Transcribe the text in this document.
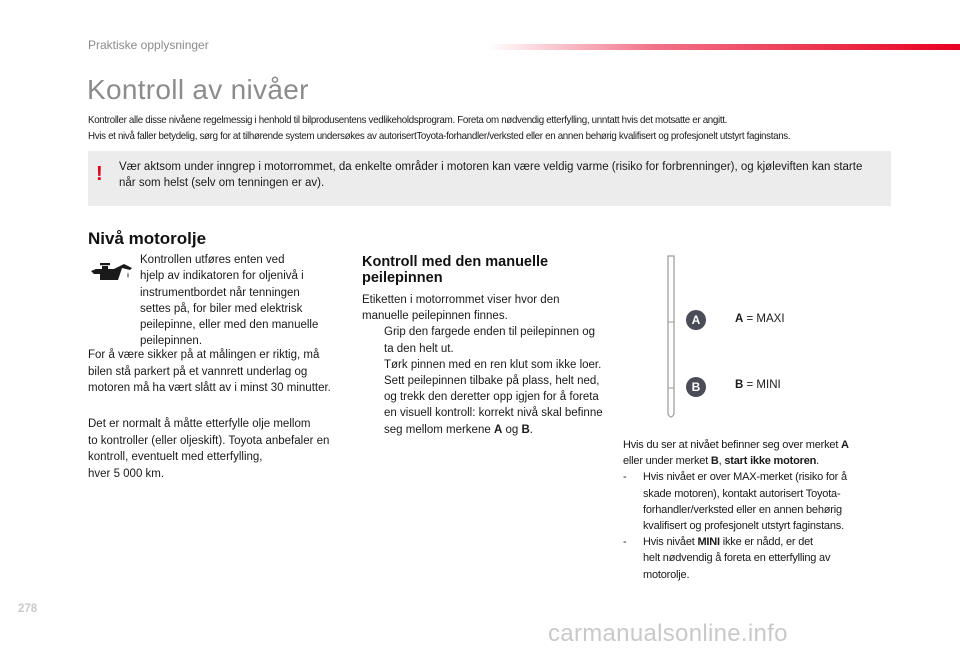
Praktiske opplysninger
Kontroll av nivåer

Kontroller alle disse nivåene regelmessig i henhold til bilprodusentens vedlikeholdsprogram. Foreta om nødvendig etterfylling, unntatt hvis det motsatte er angitt.

Hvis et nivå faller betydelig, sørg for at tilhørende system undersøkes av autorisertToyota-forhandler/verksted eller en annen behørig kvalifisert og profesjonelt utstyrt faginstans.

! Vær aktsom under inngrep i motorrommet, da enkelte områder i motoren kan være veldig varme (risiko for forbrenninger), og kjøleviften kan starte når som helst (selv om tenningen er av).
Nivå motorolje

Kontrollen utføres enten ved

hjelp av indikatoren for oljenivå i

instrumentbordet når tenningen

settes på, for biler med elektrisk

peilepinne, eller med den manuelle

peilepinnen.

For å være sikker på at målingen er riktig, må

bilen stå parkert på et vannrett underlag og

motoren må ha vært slått av i minst 30 minutter.

Det er normalt å måtte etterfylle olje mellom

to kontroller (eller oljeskift). Toyota anbefaler en

kontroll, eventuelt med etterfylling,

hver 5 000 km.

Kontroll med den manuelle
peilepinnen

Etiketten i motorrommet viser hvor den

manuelle peilepinnen finnes.

Grip den fargede enden til peilepinnen og
ta den helt ut.
Tørk pinnen med en ren klut som ikke loer.
Sett peilepinnen tilbake på plass, helt ned,
og trekk den deretter opp igjen for å foreta
en visuell kontroll: korrekt nivå skal befinne
seg mellom merkene A og B.
A
B
A = MAXI
B = MINI

Hvis du ser at nivået befinner seg over merket A

eller under merket B, start ikke motoren.

- Hvis nivået er over MAX-merket (risiko for å
skade motoren), kontakt autorisert Toyota-
forhandler/verksted eller en annen behørig
kvalifisert og profesjonelt utstyrt faginstans.
- Hvis nivået MINI ikke er nådd, er det
helt nødvendig å foreta en etterfylling av
motorolje.
278
carmanualsonline.info
